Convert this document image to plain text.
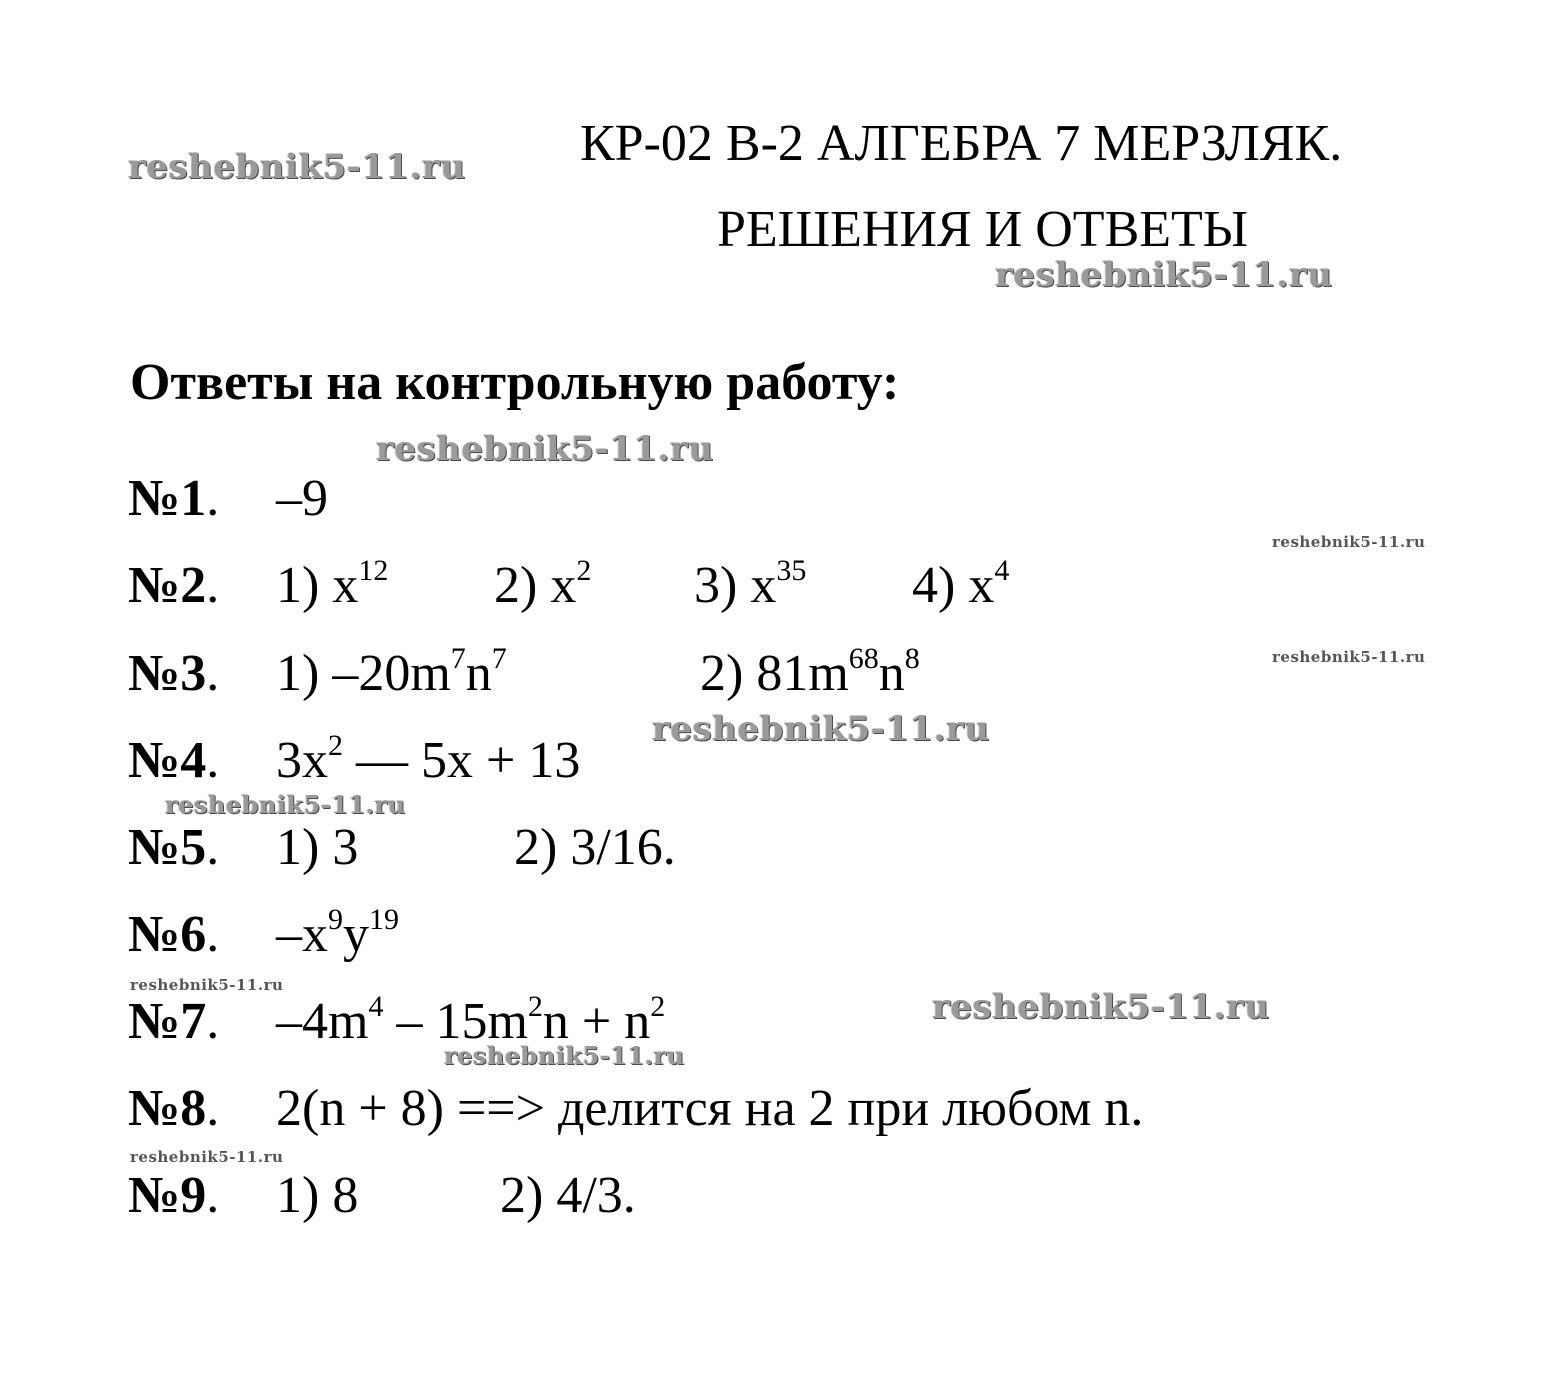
КР-02 В-2 АЛГЕБРА 7 МЕРЗЛЯК.
РЕШЕНИЯ И ОТВЕТЫ
Ответы на контрольную работу:
reshebnik5-11.ru
reshebnik5-11.ru
reshebnik5-11.ru
reshebnik5-11.ru
reshebnik5-11.ru
reshebnik5-11.ru
reshebnik5-11.ru
reshebnik5-11.ru
reshebnik5-11.ru
reshebnik5-11.ru
reshebnik5-11.ru
№1. –9
№2. 1) $x^{12}$ 2) $x^2$ 3) $x^{35}$ 4) $x^4$
№3. 1) $-20m^7n^7$	2) $81m^{68}n^8$
№4. $3x^2$ — 5x + 13
№5. 1) 3	2) 3/16.
№6. $-x^9y^{19}$
№7. $-4m^4 - 15m^2n + n^2$
№8. 2(n + 8) ==> делится на 2 при любом n.
№9. 1) 8	2) 4/3.
